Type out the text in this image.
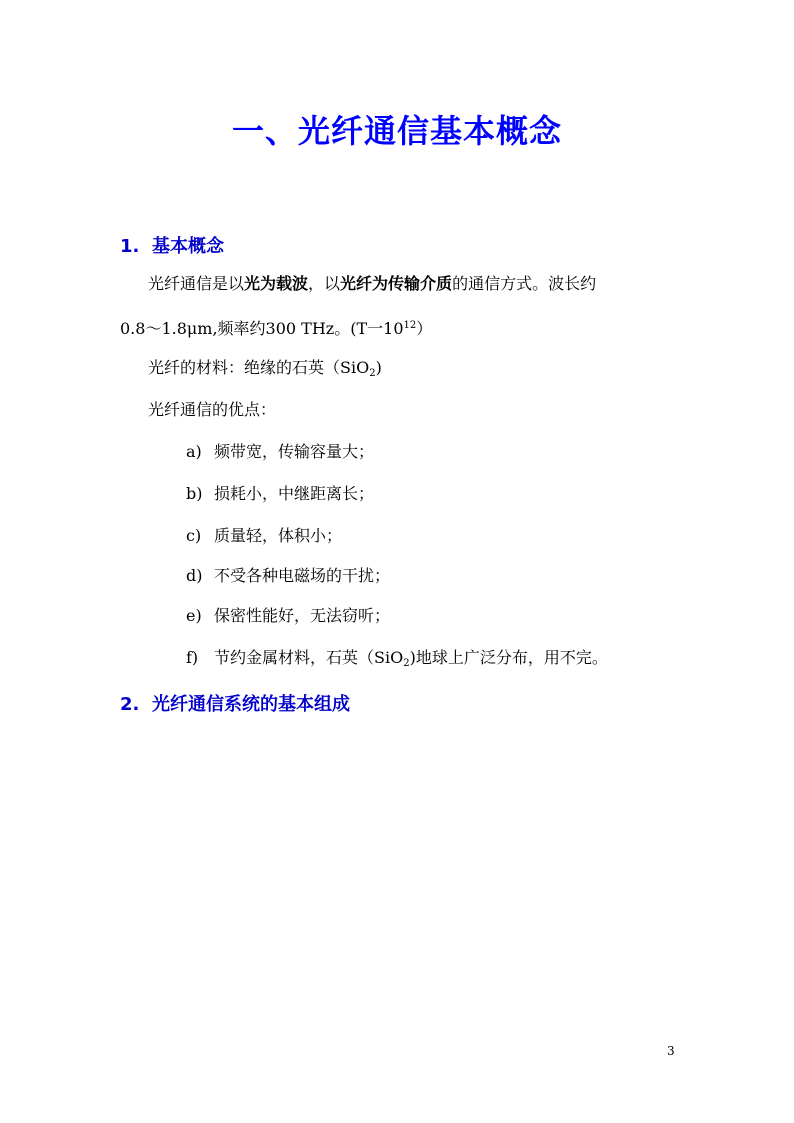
一、光纤通信基本概念
1. 基本概念
光纤通信是以光为载波，以光纤为传输介质的通信方式。波长约
0.8～1.8μm,频率约300 THz。(T一$10^{12}$）
光纤的材料：绝缘的石英（SiO$_2$)
光纤通信的优点：
a) 频带宽，传输容量大；
b) 损耗小，中继距离长；
c) 质量轻，体积小；
d) 不受各种电磁场的干扰；
e) 保密性能好，无法窃听；
f) 节约金属材料，石英（SiO$_2$)地球上广泛分布，用不完。
2. 光纤通信系统的基本组成
3
